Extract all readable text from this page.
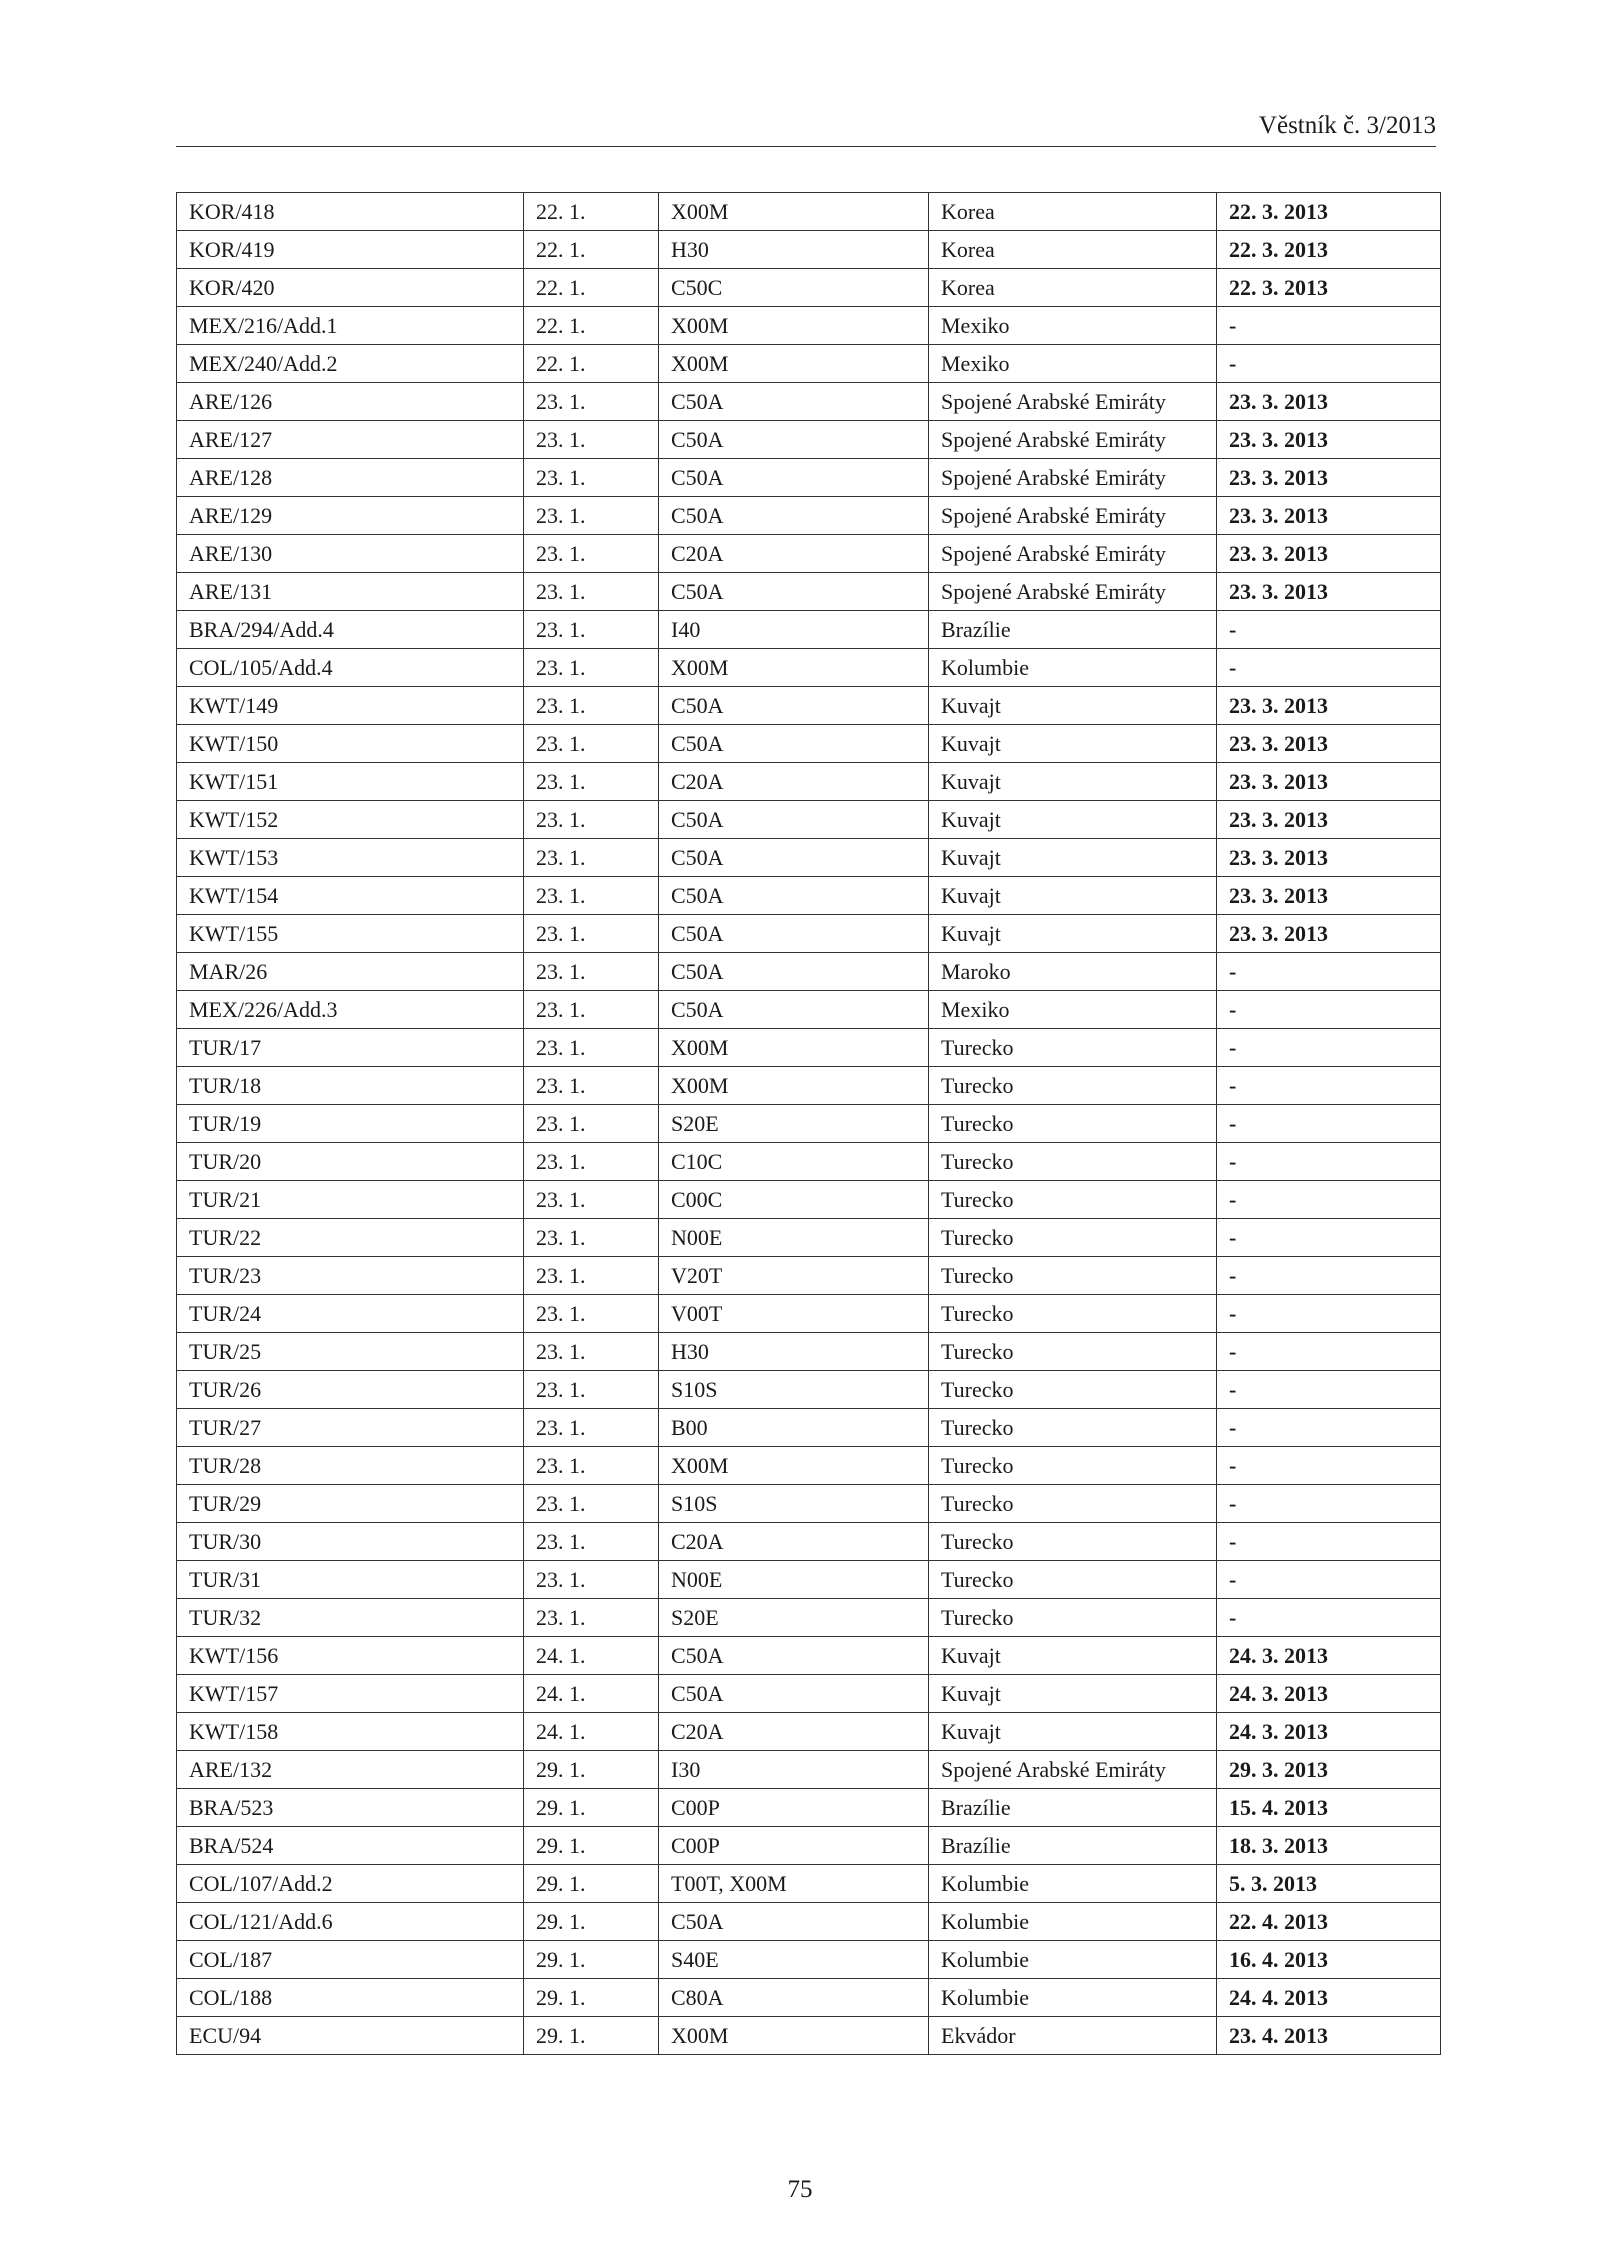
Věstník č. 3/2013
KOR/418	22. 1.	X00M	Korea	22. 3. 2013
KOR/419	22. 1.	H30	Korea	22. 3. 2013
KOR/420	22. 1.	C50C	Korea	22. 3. 2013
MEX/216/Add.1	22. 1.	X00M	Mexiko	-
MEX/240/Add.2	22. 1.	X00M	Mexiko	-
ARE/126	23. 1.	C50A	Spojené Arabské Emiráty	23. 3. 2013
ARE/127	23. 1.	C50A	Spojené Arabské Emiráty	23. 3. 2013
ARE/128	23. 1.	C50A	Spojené Arabské Emiráty	23. 3. 2013
ARE/129	23. 1.	C50A	Spojené Arabské Emiráty	23. 3. 2013
ARE/130	23. 1.	C20A	Spojené Arabské Emiráty	23. 3. 2013
ARE/131	23. 1.	C50A	Spojené Arabské Emiráty	23. 3. 2013
BRA/294/Add.4	23. 1.	I40	Brazílie	-
COL/105/Add.4	23. 1.	X00M	Kolumbie	-
KWT/149	23. 1.	C50A	Kuvajt	23. 3. 2013
KWT/150	23. 1.	C50A	Kuvajt	23. 3. 2013
KWT/151	23. 1.	C20A	Kuvajt	23. 3. 2013
KWT/152	23. 1.	C50A	Kuvajt	23. 3. 2013
KWT/153	23. 1.	C50A	Kuvajt	23. 3. 2013
KWT/154	23. 1.	C50A	Kuvajt	23. 3. 2013
KWT/155	23. 1.	C50A	Kuvajt	23. 3. 2013
MAR/26	23. 1.	C50A	Maroko	-
MEX/226/Add.3	23. 1.	C50A	Mexiko	-
TUR/17	23. 1.	X00M	Turecko	-
TUR/18	23. 1.	X00M	Turecko	-
TUR/19	23. 1.	S20E	Turecko	-
TUR/20	23. 1.	C10C	Turecko	-
TUR/21	23. 1.	C00C	Turecko	-
TUR/22	23. 1.	N00E	Turecko	-
TUR/23	23. 1.	V20T	Turecko	-
TUR/24	23. 1.	V00T	Turecko	-
TUR/25	23. 1.	H30	Turecko	-
TUR/26	23. 1.	S10S	Turecko	-
TUR/27	23. 1.	B00	Turecko	-
TUR/28	23. 1.	X00M	Turecko	-
TUR/29	23. 1.	S10S	Turecko	-
TUR/30	23. 1.	C20A	Turecko	-
TUR/31	23. 1.	N00E	Turecko	-
TUR/32	23. 1.	S20E	Turecko	-
KWT/156	24. 1.	C50A	Kuvajt	24. 3. 2013
KWT/157	24. 1.	C50A	Kuvajt	24. 3. 2013
KWT/158	24. 1.	C20A	Kuvajt	24. 3. 2013
ARE/132	29. 1.	I30	Spojené Arabské Emiráty	29. 3. 2013
BRA/523	29. 1.	C00P	Brazílie	15. 4. 2013
BRA/524	29. 1.	C00P	Brazílie	18. 3. 2013
COL/107/Add.2	29. 1.	T00T, X00M	Kolumbie	5. 3. 2013
COL/121/Add.6	29. 1.	C50A	Kolumbie	22. 4. 2013
COL/187	29. 1.	S40E	Kolumbie	16. 4. 2013
COL/188	29. 1.	C80A	Kolumbie	24. 4. 2013
ECU/94	29. 1.	X00M	Ekvádor	23. 4. 2013
75
